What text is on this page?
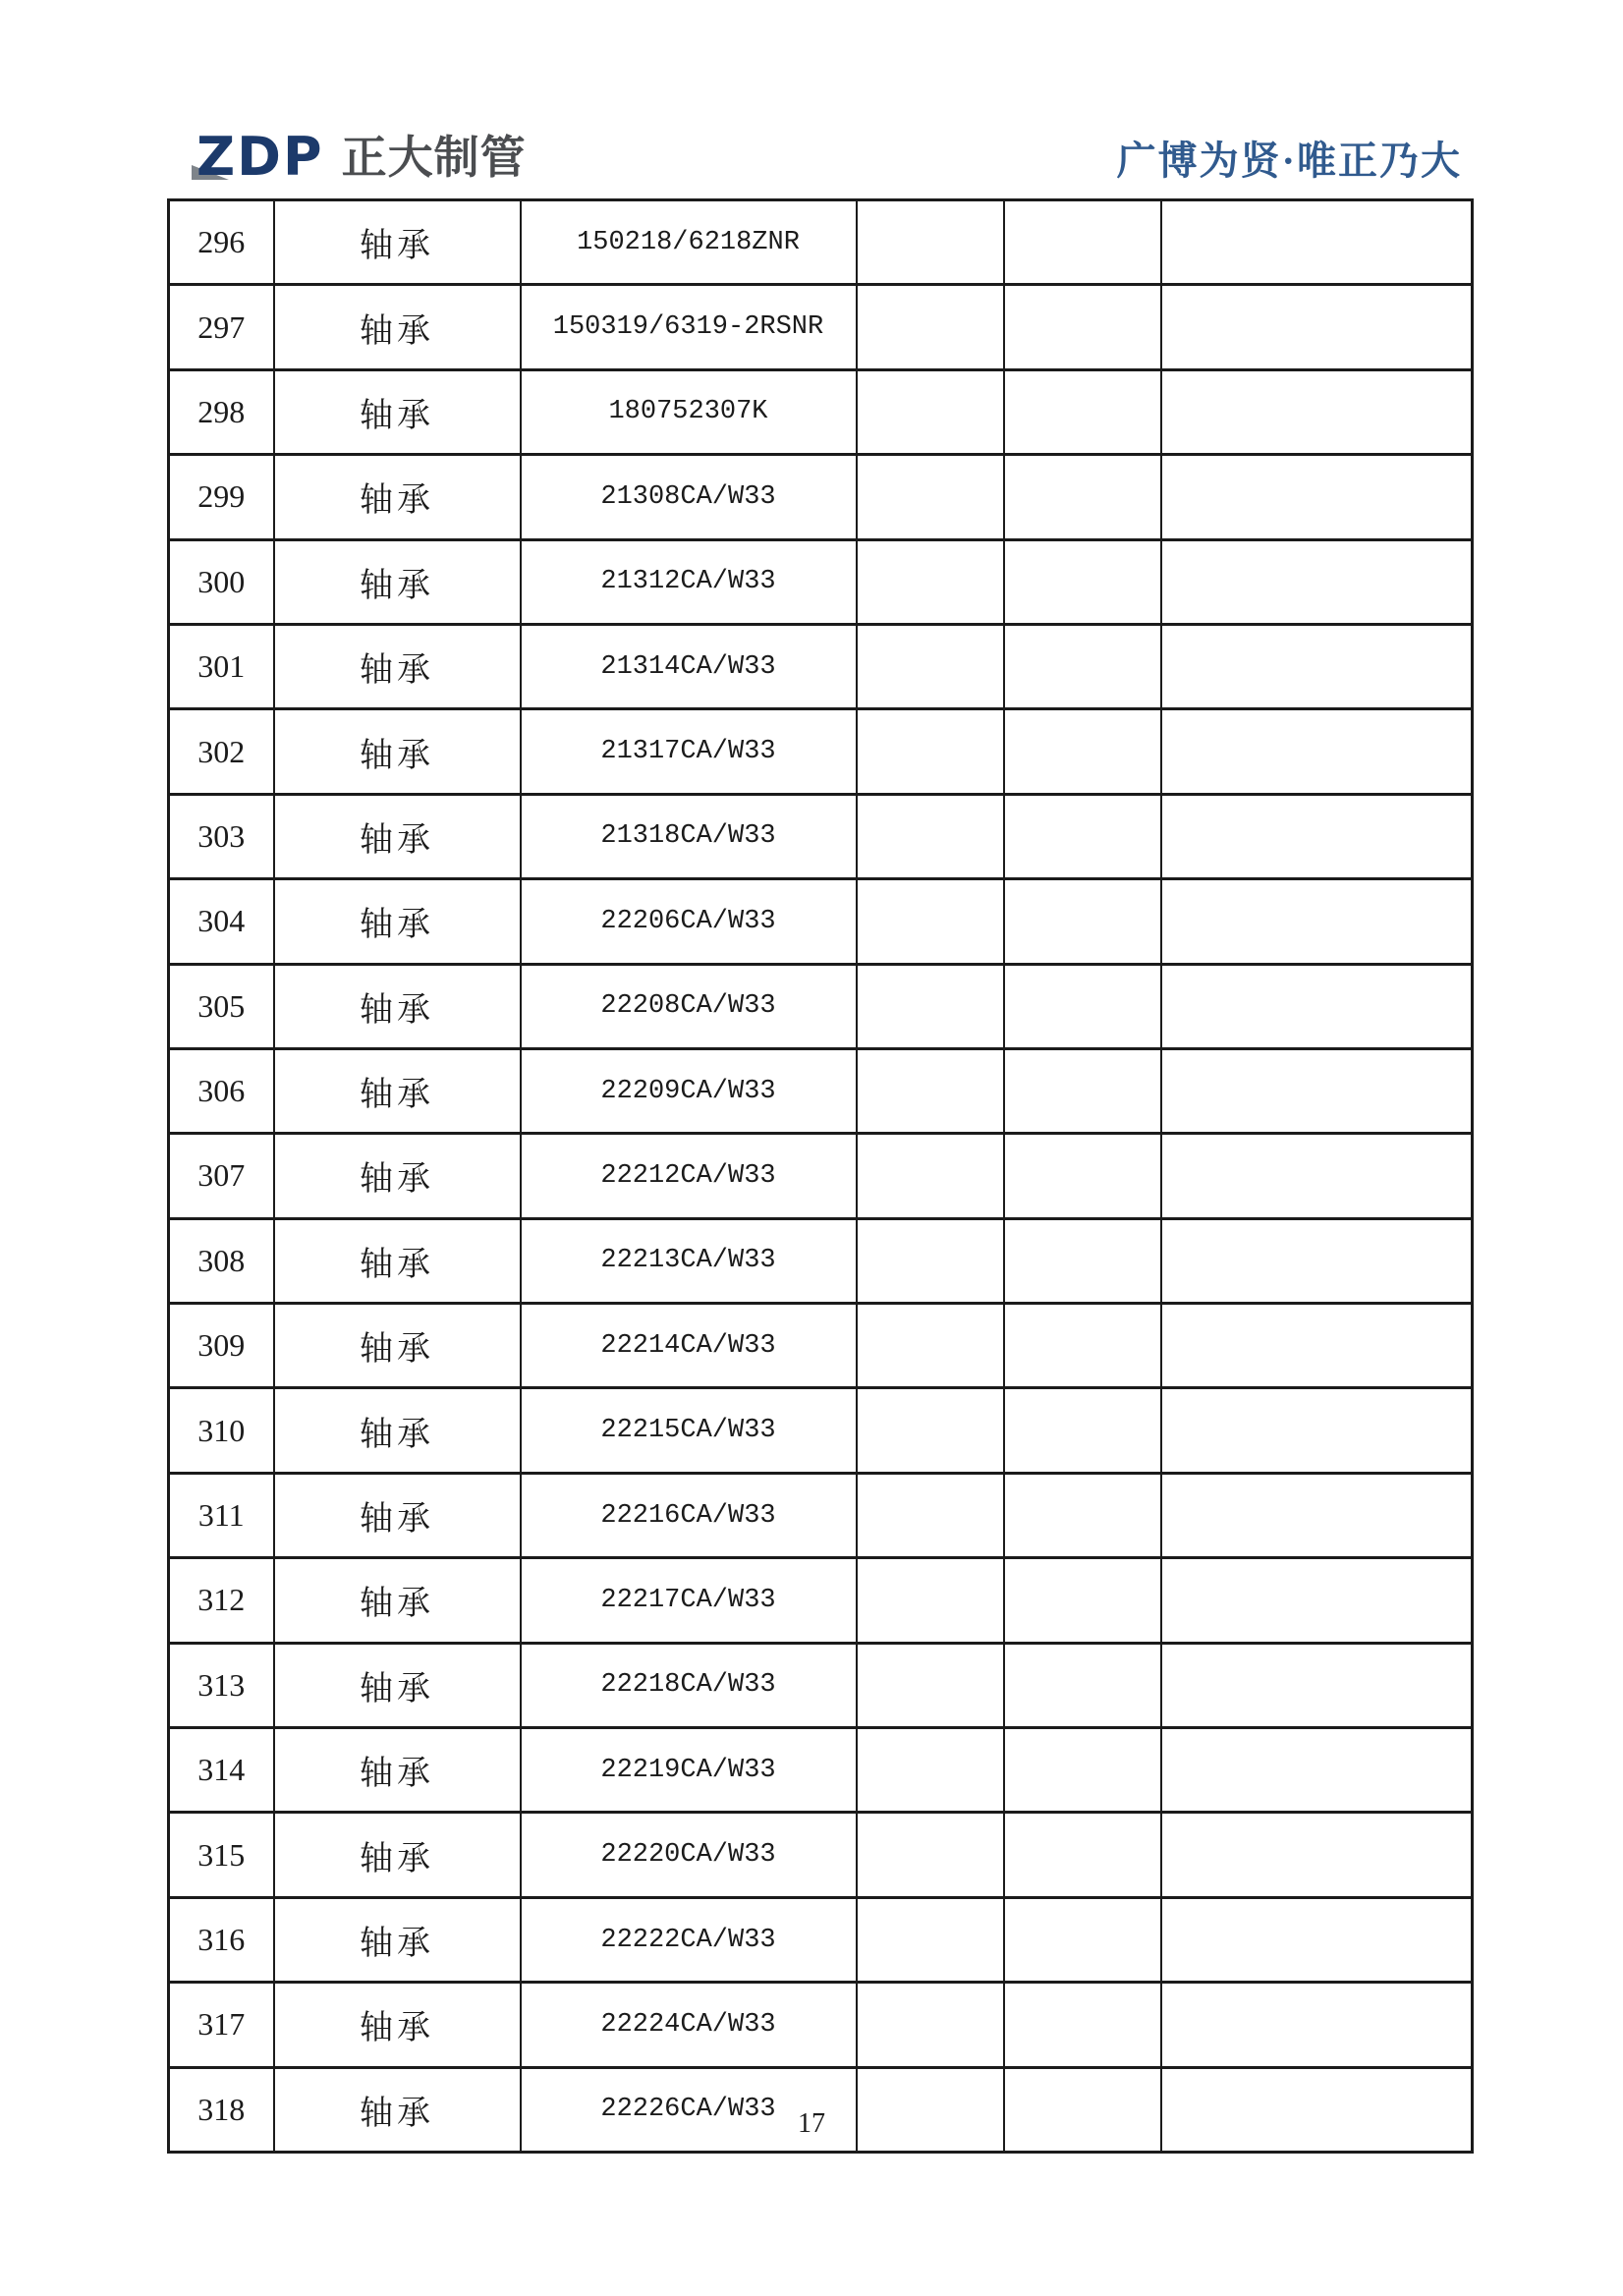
ZDP 正大制管	广博为贤·唯正乃大
296	轴承	150218/6218ZNR			
297	轴承	150319/6319-2RSNR			
298	轴承	180752307K			
299	轴承	21308CA/W33			
300	轴承	21312CA/W33			
301	轴承	21314CA/W33			
302	轴承	21317CA/W33			
303	轴承	21318CA/W33			
304	轴承	22206CA/W33			
305	轴承	22208CA/W33			
306	轴承	22209CA/W33			
307	轴承	22212CA/W33			
308	轴承	22213CA/W33			
309	轴承	22214CA/W33			
310	轴承	22215CA/W33			
311	轴承	22216CA/W33			
312	轴承	22217CA/W33			
313	轴承	22218CA/W33			
314	轴承	22219CA/W33			
315	轴承	22220CA/W33			
316	轴承	22222CA/W33			
317	轴承	22224CA/W33			
318	轴承	22226CA/W33			17
